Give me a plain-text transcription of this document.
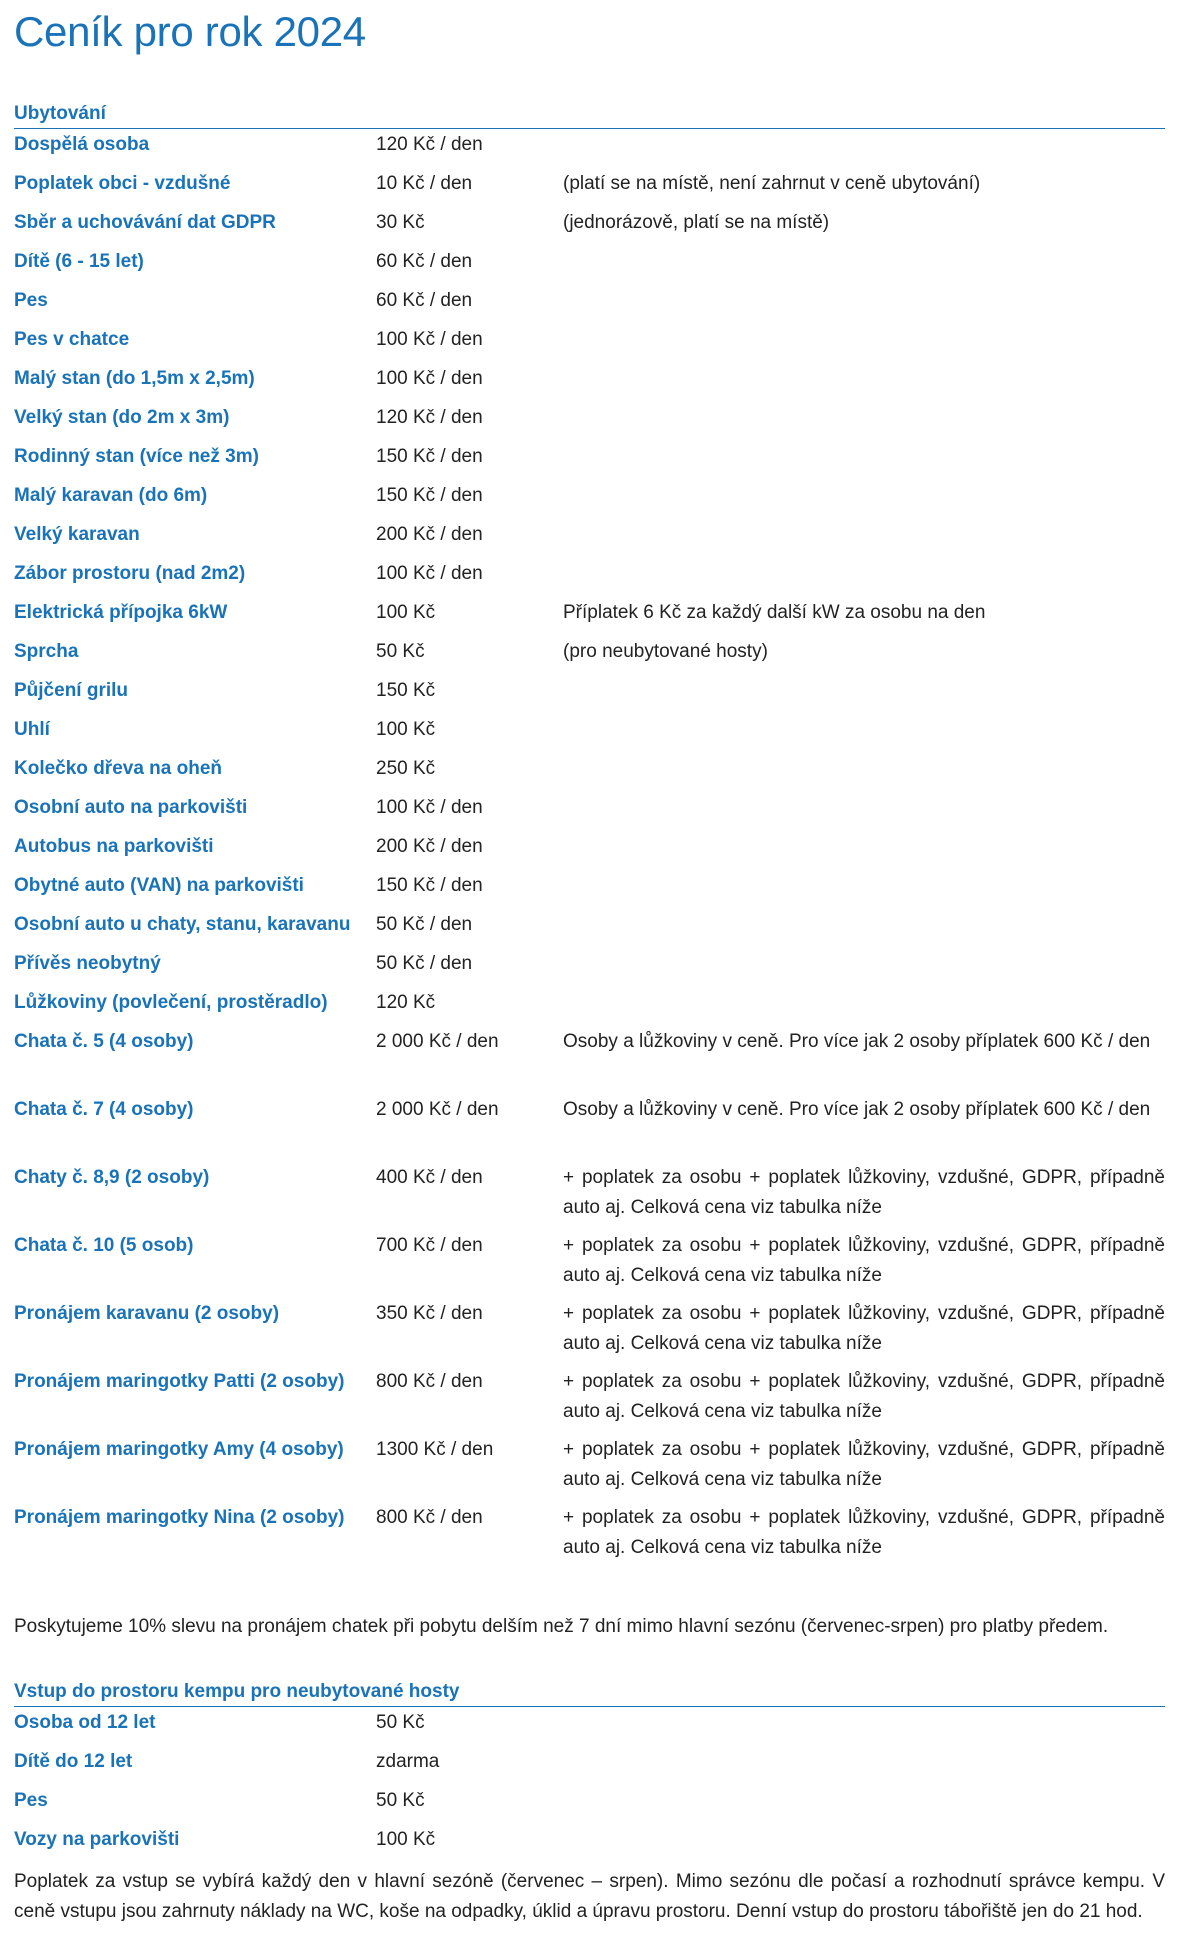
Ceník pro rok 2024
Ubytování
Dospělá osoba	120 Kč / den	
Poplatek obci - vzdušné	10 Kč / den	(platí se na místě, není zahrnut v ceně ubytování)
Sběr a uchovávání dat GDPR	30 Kč	(jednorázově, platí se na místě)
Dítě (6 - 15 let)	60 Kč / den	
Pes	60 Kč / den	
Pes v chatce	100 Kč / den	
Malý stan (do 1,5m x 2,5m)	100 Kč / den	
Velký stan (do 2m x 3m)	120 Kč / den	
Rodinný stan (více než 3m)	150 Kč / den	
Malý karavan (do 6m)	150 Kč / den	
Velký karavan	200 Kč / den	
Zábor prostoru (nad 2m2)	100 Kč / den	
Elektrická přípojka 6kW	100 Kč	Příplatek 6 Kč za každý další kW za osobu na den
Sprcha	50 Kč	(pro neubytované hosty)
Půjčení grilu	150 Kč	
Uhlí	100 Kč	
Kolečko dřeva na oheň	250 Kč	
Osobní auto na parkovišti	100 Kč / den	
Autobus na parkovišti	200 Kč / den	
Obytné auto (VAN) na parkovišti	150 Kč / den	
Osobní auto u chaty, stanu, karavanu	50 Kč / den	
Přívěs neobytný	50 Kč / den	
Lůžkoviny (povlečení, prostěradlo)	120 Kč	
Chata č. 5 (4 osoby)	2 000 Kč / den	Osoby a lůžkoviny v ceně. Pro více jak 2 osoby příplatek 600 Kč / den
Chata č. 7 (4 osoby)	2 000 Kč / den	Osoby a lůžkoviny v ceně. Pro více jak 2 osoby příplatek 600 Kč / den
Chaty č. 8,9 (2 osoby)	400 Kč / den	+ poplatek za osobu + poplatek lůžkoviny, vzdušné, GDPR, případně auto aj. Celková cena viz tabulka níže
Chata č. 10 (5 osob)	700 Kč / den	+ poplatek za osobu + poplatek lůžkoviny, vzdušné, GDPR, případně auto aj. Celková cena viz tabulka níže
Pronájem karavanu (2 osoby)	350 Kč / den	+ poplatek za osobu + poplatek lůžkoviny, vzdušné, GDPR, případně auto aj. Celková cena viz tabulka níže
Pronájem maringotky Patti (2 osoby)	800 Kč / den	+ poplatek za osobu + poplatek lůžkoviny, vzdušné, GDPR, případně auto aj. Celková cena viz tabulka níže
Pronájem maringotky Amy (4 osoby)	1300 Kč / den	+ poplatek za osobu + poplatek lůžkoviny, vzdušné, GDPR, případně auto aj. Celková cena viz tabulka níže
Pronájem maringotky Nina (2 osoby)	800 Kč / den	+ poplatek za osobu + poplatek lůžkoviny, vzdušné, GDPR, případně auto aj. Celková cena viz tabulka níže

Poskytujeme 10% slevu na pronájem chatek při pobytu delším než 7 dní mimo hlavní sezónu (červenec-srpen) pro platby předem.

Vstup do prostoru kempu pro neubytované hosty
Osoba od 12 let	50 Kč	
Dítě do 12 let	zdarma	
Pes	50 Kč	
Vozy na parkovišti	100 Kč	

Poplatek za vstup se vybírá každý den v hlavní sezóně (červenec – srpen). Mimo sezónu dle počasí a rozhodnutí správce kempu. V ceně vstupu jsou zahrnuty náklady na WC, koše na odpadky, úklid a úpravu prostoru. Denní vstup do prostoru tábořiště jen do 21 hod.
